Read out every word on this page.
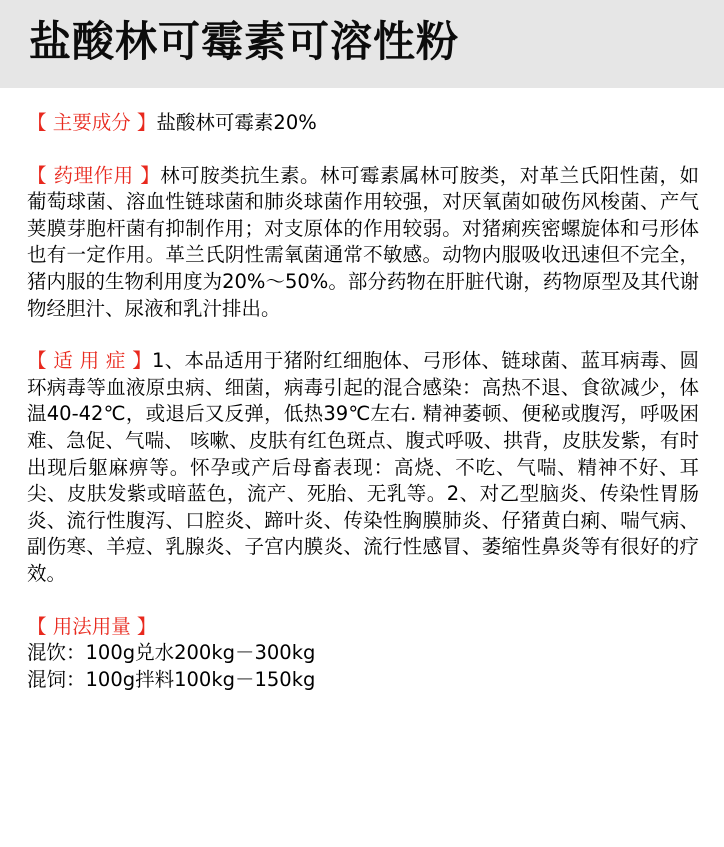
盐酸林可霉素可溶性粉

【 主要成分 】盐酸林可霉素20%

【 药理作用 】林可胺类抗生素。林可霉素属林可胺类，对革兰氏阳性菌，如葡萄球菌、溶血性链球菌和肺炎球菌作用较强，对厌氧菌如破伤风梭菌、产气荚膜芽胞杆菌有抑制作用；对支原体的作用较弱。对猪痢疾密螺旋体和弓形体也有一定作用。革兰氏阴性需氧菌通常不敏感。动物内服吸收迅速但不完全，猪内服的生物利用度为20%～50%。部分药物在肝脏代谢，药物原型及其代谢物经胆汁、尿液和乳汁排出。

【 适 用 症 】1、本品适用于猪附红细胞体、弓形体、链球菌、蓝耳病毒、圆环病毒等血液原虫病、细菌，病毒引起的混合感染：高热不退、食欲减少，体温40-42℃，或退后又反弹，低热39℃左右. 精神萎顿、便秘或腹泻，呼吸困难、急促、气喘、 咳嗽、皮肤有红色斑点、腹式呼吸、拱背，皮肤发紫，有时出现后躯麻痹等。怀孕或产后母畜表现：高烧、不吃、气喘、精神不好、耳尖、皮肤发紫或暗蓝色，流产、死胎、无乳等。2、对乙型脑炎、传染性胃肠炎、流行性腹泻、口腔炎、蹄叶炎、传染性胸膜肺炎、仔猪黄白痢、喘气病、副伤寒、羊痘、乳腺炎、子宫内膜炎、流行性感冒、萎缩性鼻炎等有很好的疗效。

【 用法用量 】
混饮：100g兑水200kg－300kg
混饲：100g拌料100kg－150kg
